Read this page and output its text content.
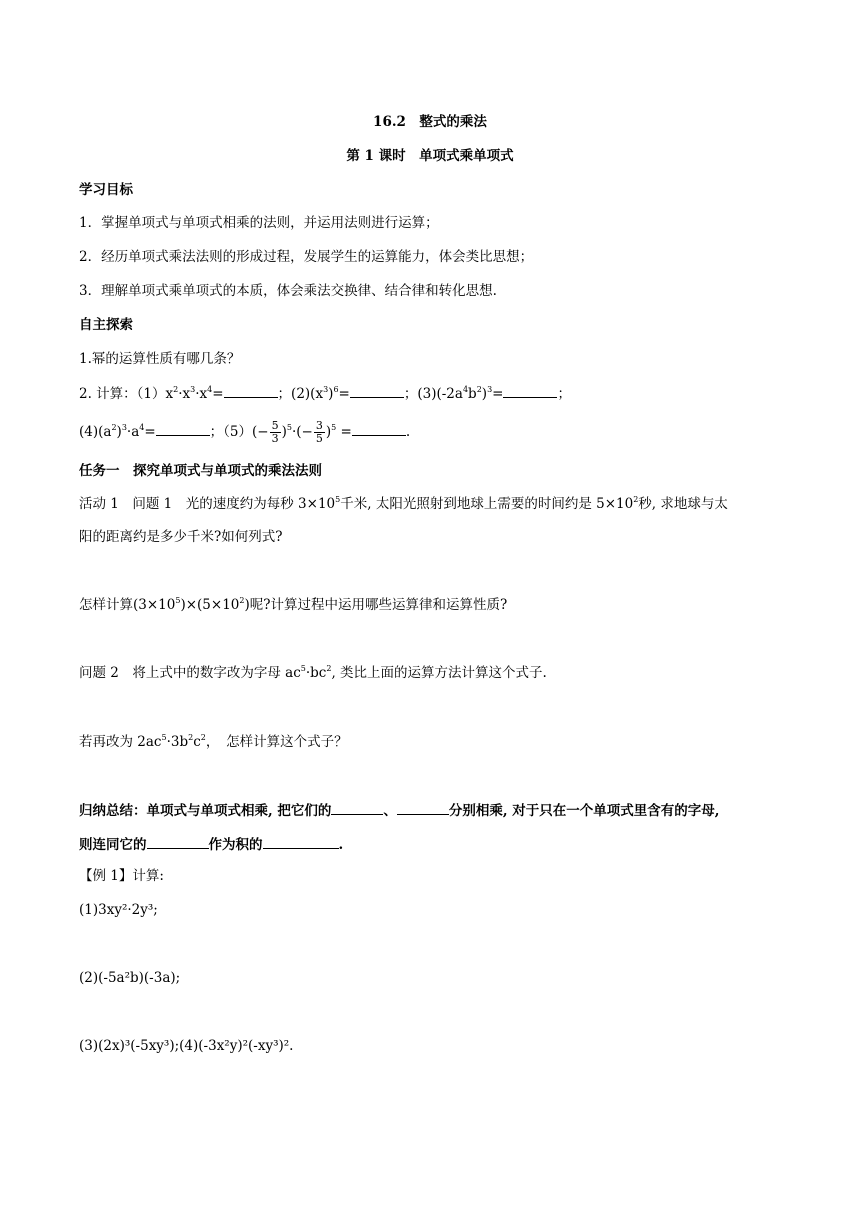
16.2　整式的乘法
第 1 课时　单项式乘单项式
学习目标
1．掌握单项式与单项式相乘的法则，并运用法则进行运算；
2．经历单项式乘法法则的形成过程，发展学生的运算能力，体会类比思想；
3．理解单项式乘单项式的本质，体会乘法交换律、结合律和转化思想.
自主探索
1.幂的运算性质有哪几条？
2. 计算：$(1)x^2\cdot x^3\cdot x^4=$	；$(2)(x^3)^6=$	；$(3)(-2a^4b^2)^3=$	；
$(4)(a^2)^3\cdot a^4=$	；$(5)(- \frac{5}{3} )^5\cdot(- \frac{3}{5} )^5$ =	.
任务一　探究单项式与单项式的乘法法则
活动 1　问题 1　光的速度约为每秒 $3\times 10^5$千米, 太阳光照射到地球上需要的时间约是 $5\times 10^2$秒, 求地球与太
阳的距离约是多少千米?如何列式?
怎样计算$(3\times 10^5)\times(5\times 10^2)$呢?计算过程中运用哪些运算律和运算性质?
问题 2　将上式中的数字改为字母 $ac^5\cdot bc^2$, 类比上面的运算方法计算这个式子.
若再改为 $2ac^5\cdot 3b^2c^2$，　怎样计算这个式子？
归纳总结：单项式与单项式相乘, 把它们的	、	分别相乘, 对于只在一个单项式里含有的字母,
则连同它的	作为积的	.
【例 1】计算:
(1)3xy²·2y³;
(2)(-5a²b)(-3a);
(3)(2x)³(-5xy³);(4)(-3x²y)²(-xy³)².
